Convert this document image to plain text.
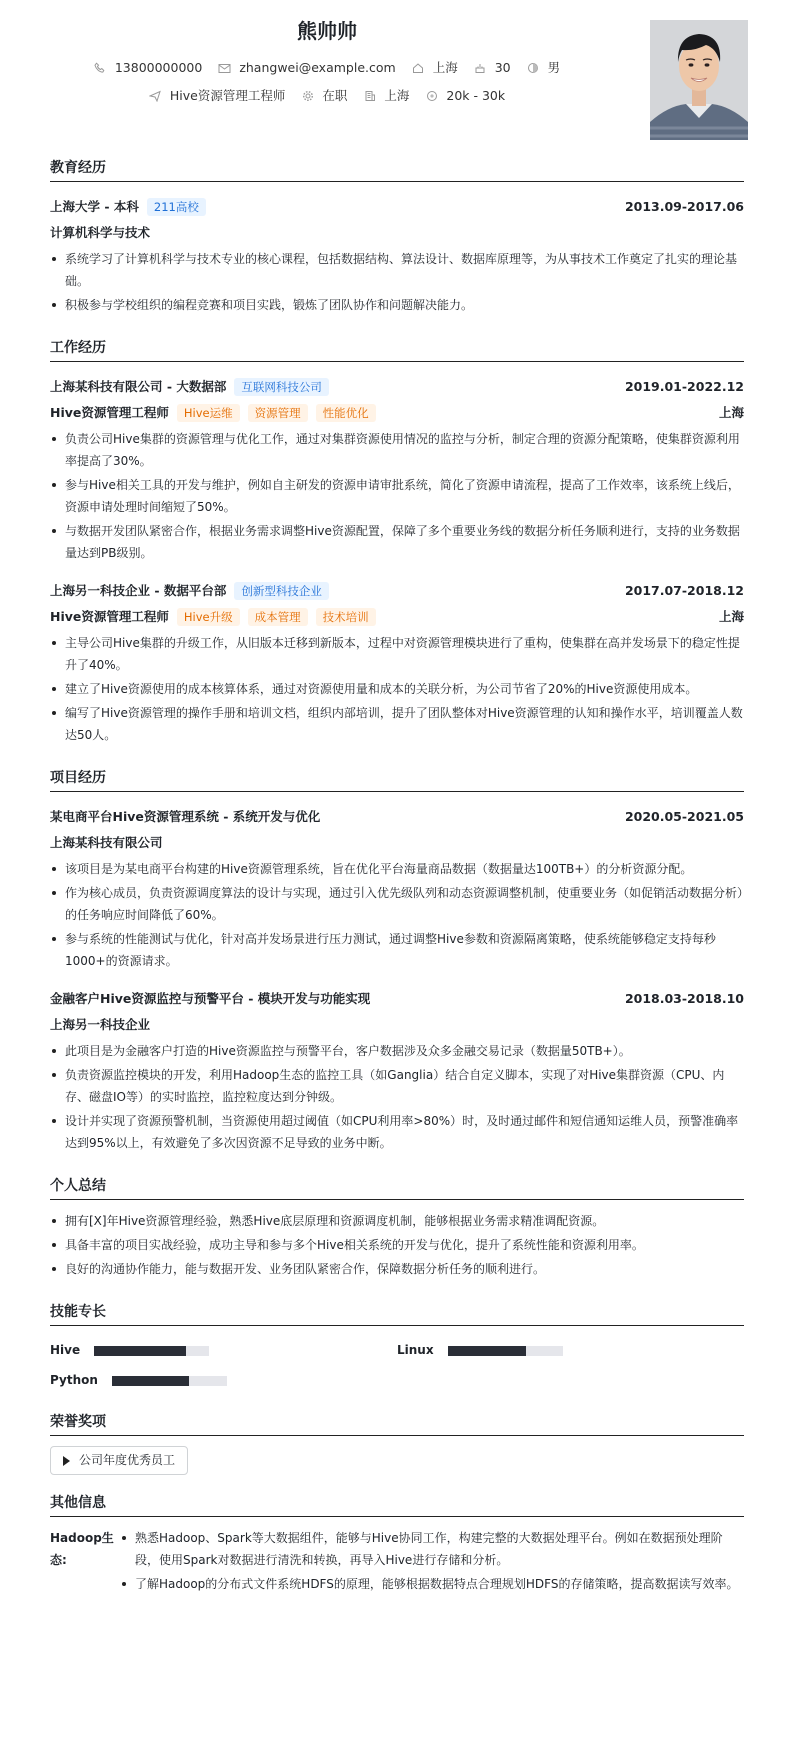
熊帅帅
13800000000	zhangwei@example.com	上海	30	男
Hive资源管理工程师	在职	上海	20k - 30k
教育经历
上海大学 - 本科	211高校	2013.09-2017.06
计算机科学与技术
系统学习了计算机科学与技术专业的核心课程，包括数据结构、算法设计、数据库原理等，为从事技术工作奠定了扎实的理论基础。
积极参与学校组织的编程竞赛和项目实践，锻炼了团队协作和问题解决能力。
工作经历
上海某科技有限公司 - 大数据部	互联网科技公司	2019.01-2022.12
Hive资源管理工程师	Hive运维	资源管理	性能优化	上海
负责公司Hive集群的资源管理与优化工作，通过对集群资源使用情况的监控与分析，制定合理的资源分配策略，使集群资源利用率提高了30%。
参与Hive相关工具的开发与维护，例如自主研发的资源申请审批系统，简化了资源申请流程，提高了工作效率，该系统上线后，资源申请处理时间缩短了50%。
与数据开发团队紧密合作，根据业务需求调整Hive资源配置，保障了多个重要业务线的数据分析任务顺利进行，支持的业务数据量达到PB级别。
上海另一科技企业 - 数据平台部	创新型科技企业	2017.07-2018.12
Hive资源管理工程师	Hive升级	成本管理	技术培训	上海
主导公司Hive集群的升级工作，从旧版本迁移到新版本，过程中对资源管理模块进行了重构，使集群在高并发场景下的稳定性提升了40%。
建立了Hive资源使用的成本核算体系，通过对资源使用量和成本的关联分析，为公司节省了20%的Hive资源使用成本。
编写了Hive资源管理的操作手册和培训文档，组织内部培训，提升了团队整体对Hive资源管理的认知和操作水平，培训覆盖人数达50人。
项目经历
某电商平台Hive资源管理系统 - 系统开发与优化	2020.05-2021.05
上海某科技有限公司
该项目是为某电商平台构建的Hive资源管理系统，旨在优化平台海量商品数据（数据量达100TB+）的分析资源分配。
作为核心成员，负责资源调度算法的设计与实现，通过引入优先级队列和动态资源调整机制，使重要业务（如促销活动数据分析）的任务响应时间降低了60%。
参与系统的性能测试与优化，针对高并发场景进行压力测试，通过调整Hive参数和资源隔离策略，使系统能够稳定支持每秒1000+的资源请求。
金融客户Hive资源监控与预警平台 - 模块开发与功能实现	2018.03-2018.10
上海另一科技企业
此项目是为金融客户打造的Hive资源监控与预警平台，客户数据涉及众多金融交易记录（数据量50TB+）。
负责资源监控模块的开发，利用Hadoop生态的监控工具（如Ganglia）结合自定义脚本，实现了对Hive集群资源（CPU、内存、磁盘IO等）的实时监控，监控粒度达到分钟级。
设计并实现了资源预警机制，当资源使用超过阈值（如CPU利用率>80%）时，及时通过邮件和短信通知运维人员，预警准确率达到95%以上，有效避免了多次因资源不足导致的业务中断。
个人总结
拥有[X]年Hive资源管理经验，熟悉Hive底层原理和资源调度机制，能够根据业务需求精准调配资源。
具备丰富的项目实战经验，成功主导和参与多个Hive相关系统的开发与优化，提升了系统性能和资源利用率。
良好的沟通协作能力，能与数据开发、业务团队紧密合作，保障数据分析任务的顺利进行。
技能专长
Hive	Linux
Python
荣誉奖项
公司年度优秀员工
其他信息
Hadoop生态:
熟悉Hadoop、Spark等大数据组件，能够与Hive协同工作，构建完整的大数据处理平台。例如在数据预处理阶段，使用Spark对数据进行清洗和转换，再导入Hive进行存储和分析。
了解Hadoop的分布式文件系统HDFS的原理，能够根据数据特点合理规划HDFS的存储策略，提高数据读写效率。
